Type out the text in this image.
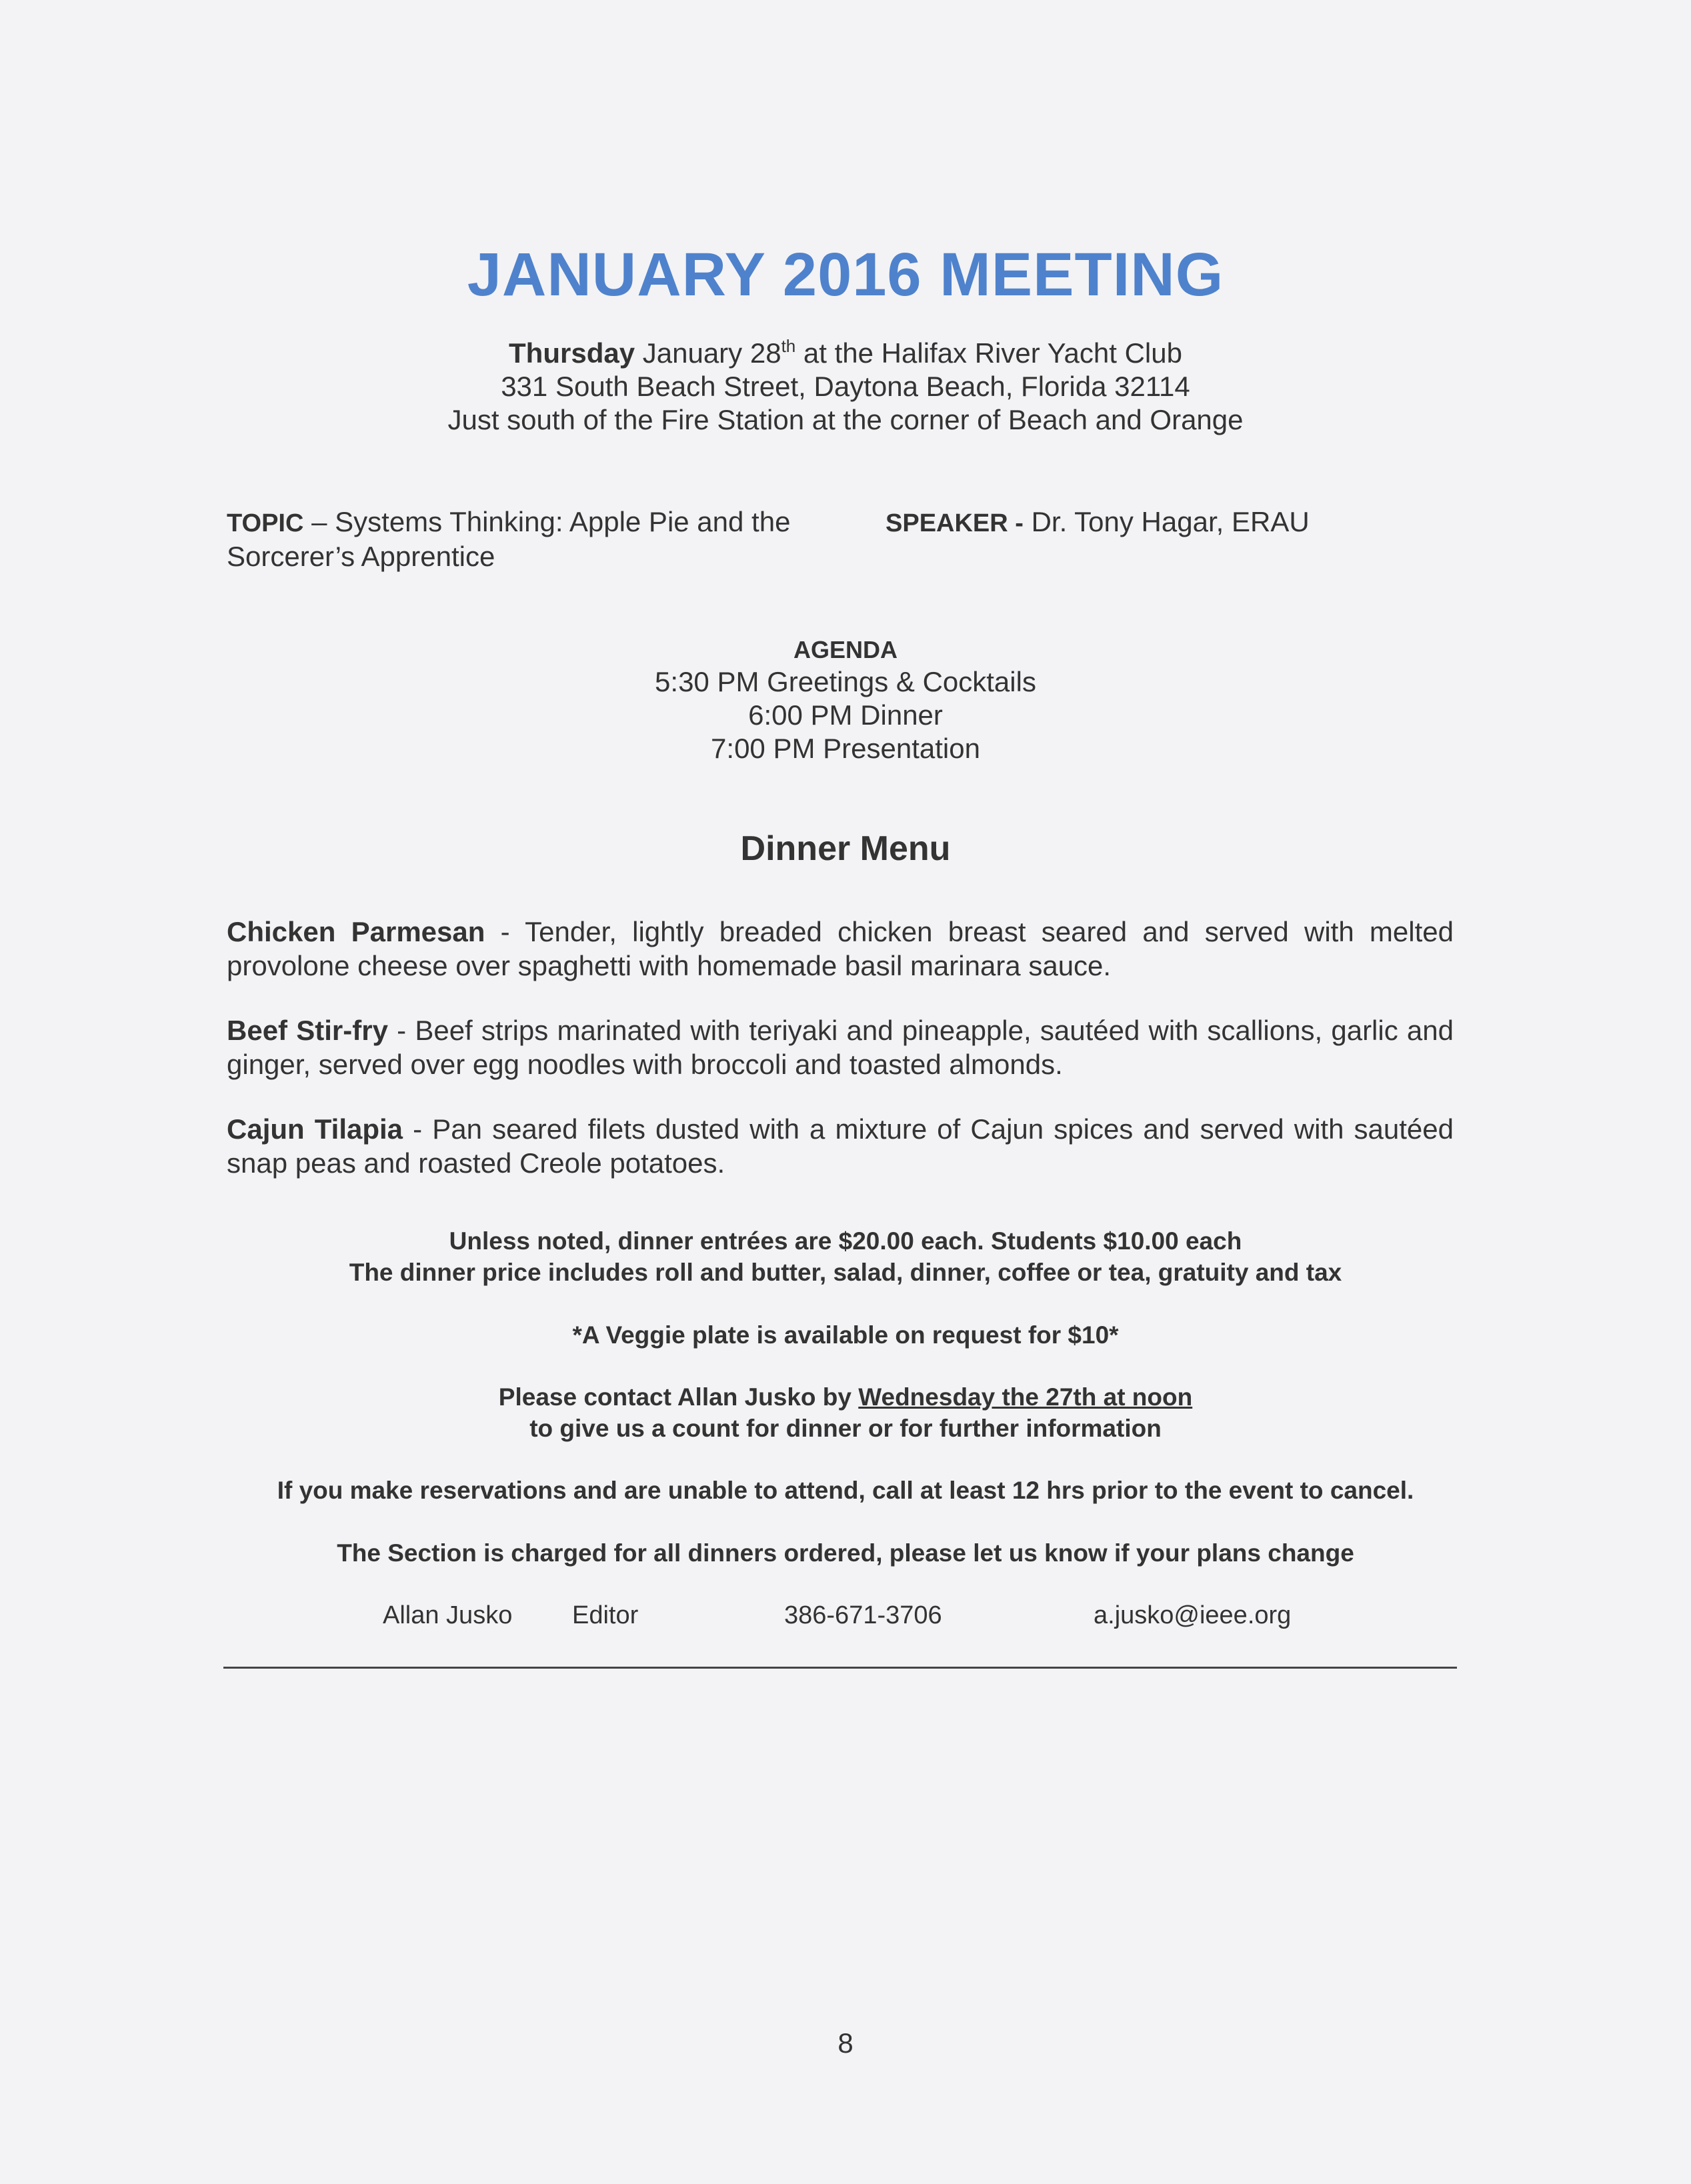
JANUARY 2016 MEETING
Thursday January 28th at the Halifax River Yacht Club
331 South Beach Street, Daytona Beach, Florida 32114
Just south of the Fire Station at the corner of Beach and Orange
TOPIC – Systems Thinking: Apple Pie and the Sorcerer’s Apprentice
SPEAKER - Dr. Tony Hagar, ERAU
AGENDA
5:30 PM Greetings & Cocktails
6:00 PM Dinner
7:00 PM Presentation
Dinner Menu
Chicken Parmesan - Tender, lightly breaded chicken breast seared and served with melted provolone cheese over spaghetti with homemade basil marinara sauce.
Beef Stir-fry - Beef strips marinated with teriyaki and pineapple, sautéed with scallions, garlic and ginger, served over egg noodles with broccoli and toasted almonds.
Cajun Tilapia - Pan seared filets dusted with a mixture of Cajun spices and served with sautéed snap peas and roasted Creole potatoes.
Unless noted, dinner entrées are $20.00 each. Students $10.00 each
The dinner price includes roll and butter, salad, dinner, coffee or tea, gratuity and tax
*A Veggie plate is available on request for $10*
Please contact Allan Jusko by Wednesday the 27th at noon
to give us a count for dinner or for further information
If you make reservations and are unable to attend, call at least 12 hrs prior to the event to cancel.
The Section is charged for all dinners ordered, please let us know if your plans change
Allan Jusko Editor	386-671-3706	a.jusko@ieee.org
8
